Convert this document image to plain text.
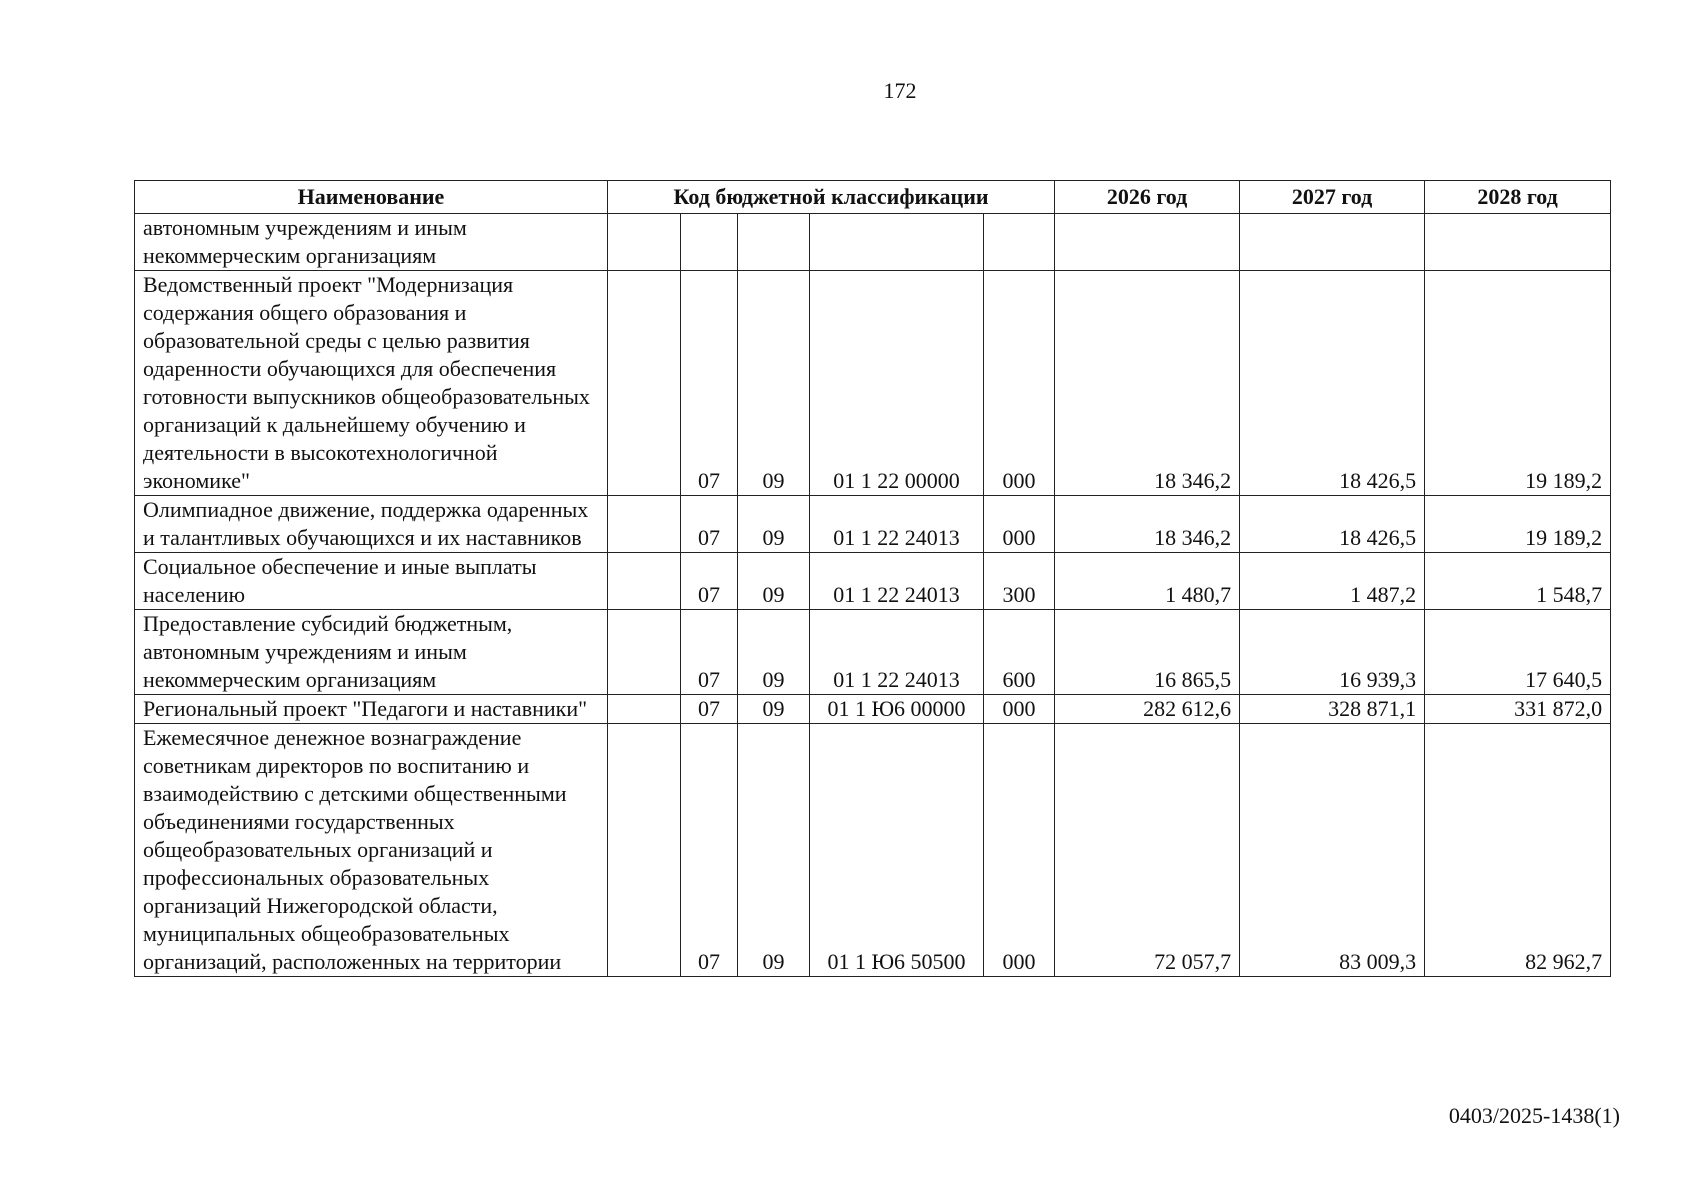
172
Наименование	Код бюджетной классификации					2026 год	2027 год	2028 год
автономным учреждениям и иным некоммерческим организациям								
Ведомственный проект "Модернизация содержания общего образования и образовательной среды с целью развития одаренности обучающихся для обеспечения готовности выпускников общеобразовательных организаций к дальнейшему обучению и деятельности в высокотехнологичной экономике"		07	09	01 1 22 00000	000	18 346,2	18 426,5	19 189,2
Олимпиадное движение, поддержка одаренных и талантливых обучающихся и их наставников		07	09	01 1 22 24013	000	18 346,2	18 426,5	19 189,2
Социальное обеспечение и иные выплаты населению		07	09	01 1 22 24013	300	1 480,7	1 487,2	1 548,7
Предоставление субсидий бюджетным, автономным учреждениям и иным некоммерческим организациям		07	09	01 1 22 24013	600	16 865,5	16 939,3	17 640,5
Региональный проект "Педагоги и наставники"		07	09	01 1 Ю6 00000	000	282 612,6	328 871,1	331 872,0
Ежемесячное денежное вознаграждение советникам директоров по воспитанию и взаимодействию с детскими общественными объединениями государственных общеобразовательных организаций и профессиональных образовательных организаций Нижегородской области, муниципальных общеобразовательных организаций, расположенных на территории		07	09	01 1 Ю6 50500	000	72 057,7	83 009,3	82 962,7
0403/2025-1438(1)
